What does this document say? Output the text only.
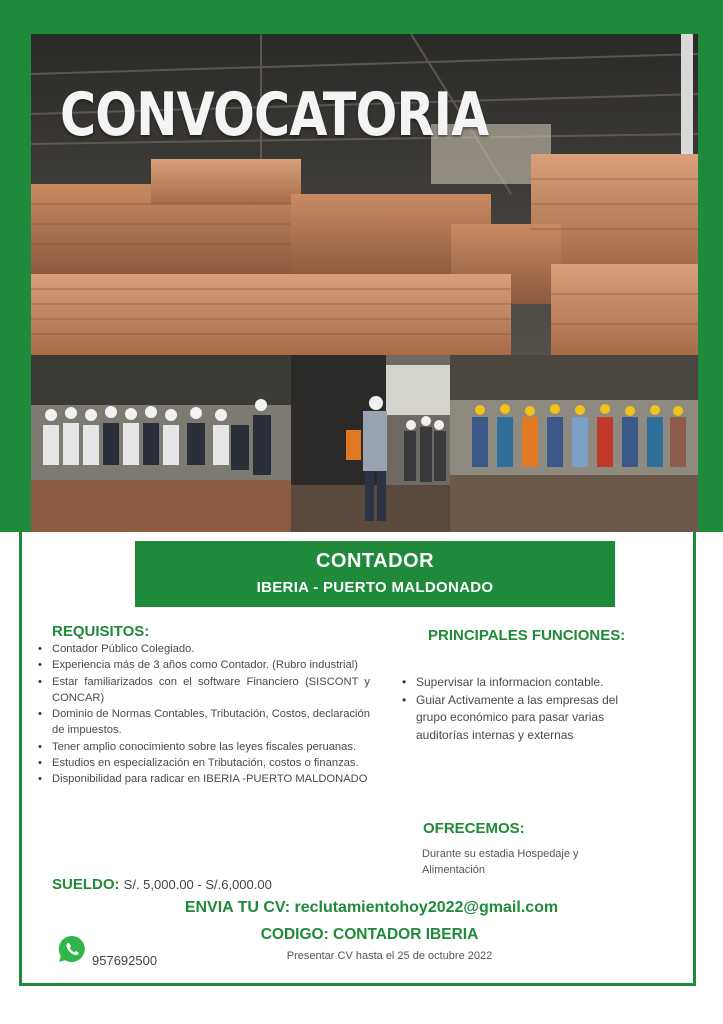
CONVOCATORIA
CONTADOR
IBERIA - PUERTO MALDONADO
REQUISITOS:
• Contador Público Colegiado.
• Experiencia más de 3 años como Contador. (Rubro industrial)
• Estar familiarizados con el software Financiero (SISCONT y CONCAR)
• Dominio de Normas Contables, Tributación, Costos, declaración de impuestos.
• Tener amplio conocimiento sobre las leyes fiscales peruanas.
• Estudios en especialización en Tributación, costos o finanzas.
• Disponibilidad para radicar en IBERIA -PUERTO MALDONADO
PRINCIPALES FUNCIONES:
• Supervisar la informacion contable.
• Guiar Activamente a las empresas del grupo económico para pasar varias auditorías internas y externas
OFRECEMOS:
Durante su estadia Hospedaje y Alimentación
SUELDO: S/. 5,000.00 - S/.6,000.00
ENVIA TU CV: reclutamientohoy2022@gmail.com
CODIGO: CONTADOR IBERIA
Presentar CV hasta el 25 de octubre 2022
957692500
